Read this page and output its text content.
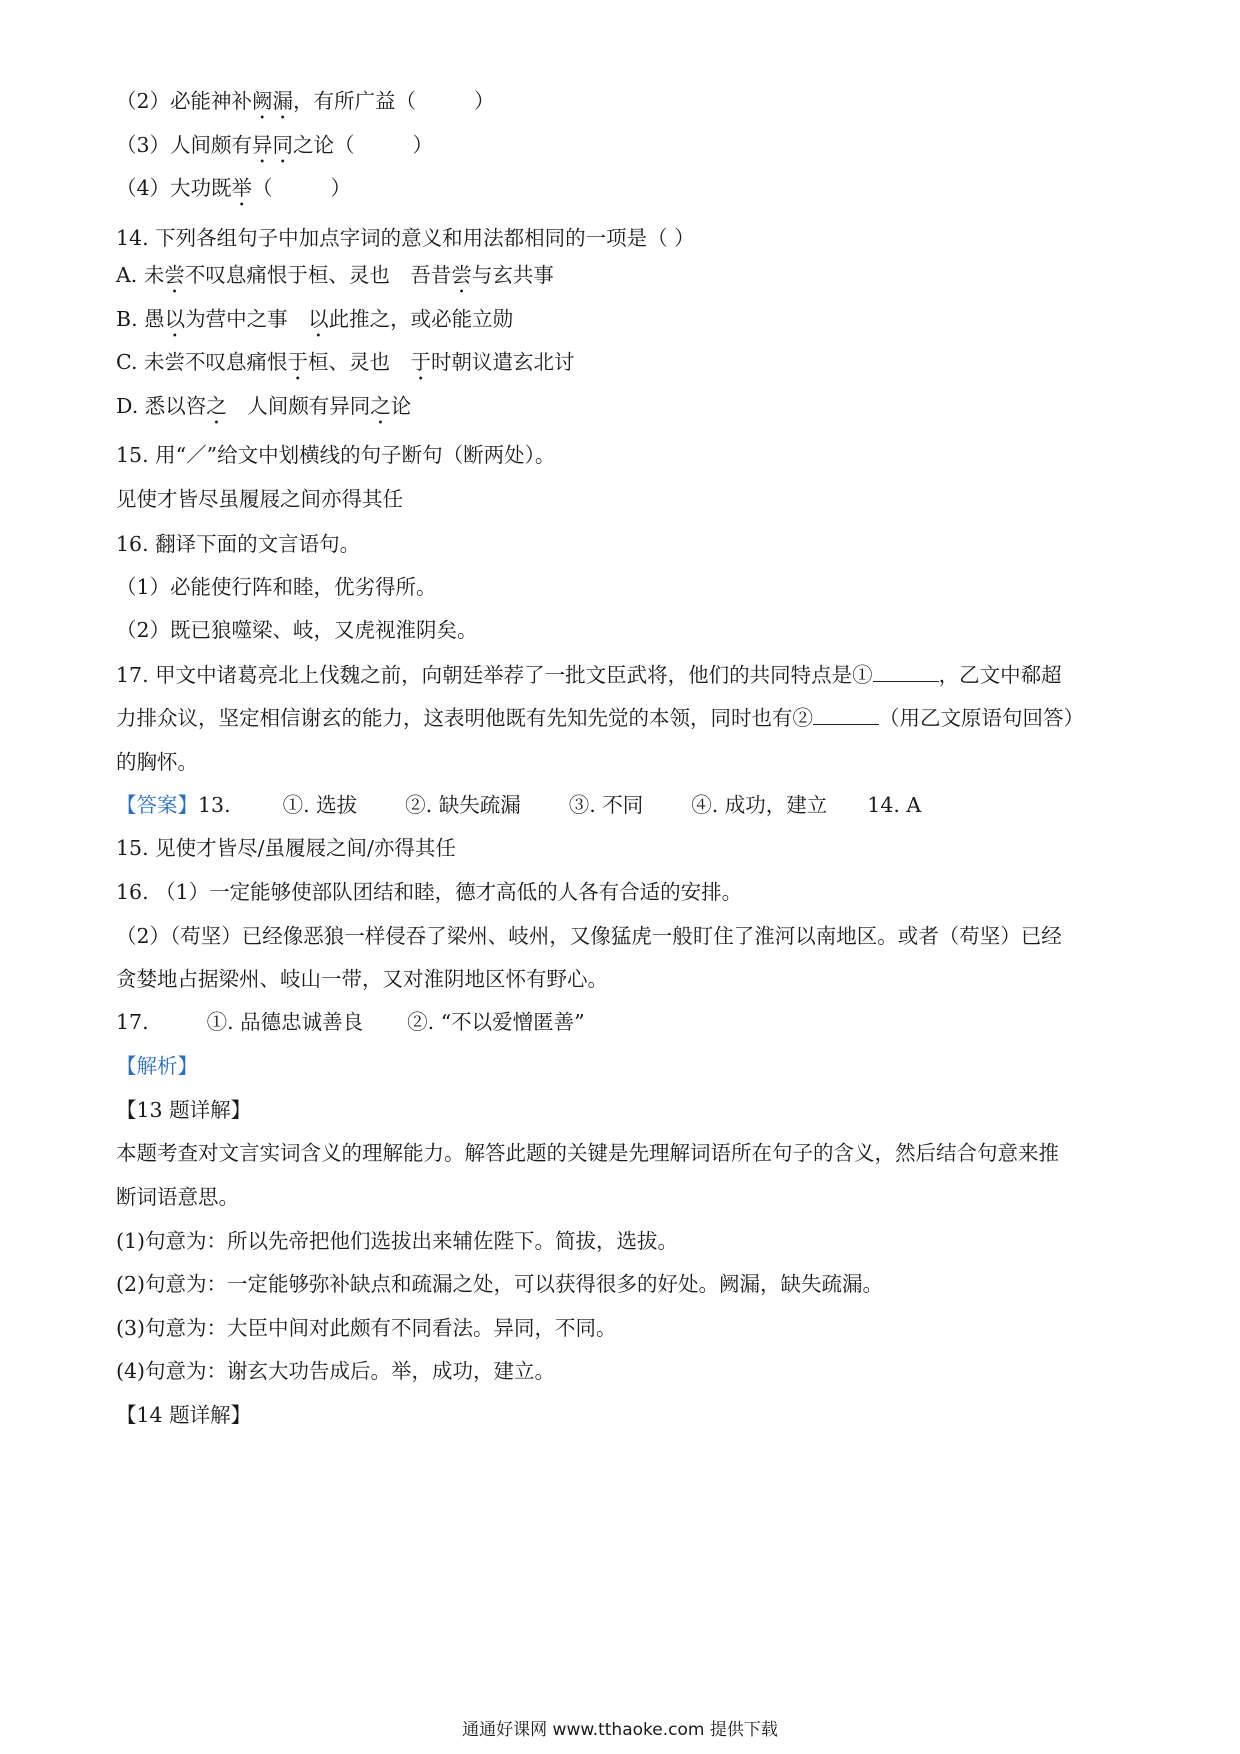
（2）必能神补阙漏，有所广益（	）
（3）人间颇有异同之论（	）
（4）大功既举（	）
14. 下列各组句子中加点字词的意义和用法都相同的一项是（ ）
A. 未尝不叹息痛恨于桓、灵也　吾昔尝与玄共事
B. 愚以为营中之事　以此推之，或必能立勋
C. 未尝不叹息痛恨于桓、灵也　于时朝议遣玄北讨
D. 悉以咨之　人间颇有异同之论
15. 用“／”给文中划横线的句子断句（断两处）。
见使才皆尽虽履屐之间亦得其任
16. 翻译下面的文言语句。
（1）必能使行阵和睦，优劣得所。
（2）既已狼噬梁、岐，又虎视淮阴矣。
17. 甲文中诸葛亮北上伐魏之前，向朝廷举荐了一批文臣武将，他们的共同特点是①	，乙文中郗超
力排众议，坚定相信谢玄的能力，这表明他既有先知先觉的本领，同时也有②	（用乙文原语句回答）
的胸怀。
【答案】13.	①. 选拔 ②. 缺失疏漏 ③. 不同 ④. 成功，建立 14. A
15. 见使才皆尽/虽履屐之间/亦得其任
16. （1）一定能够使部队团结和睦，德才高低的人各有合适的安排。
（2）（苟坚）已经像恶狼一样侵吞了梁州、岐州，又像猛虎一般盯住了淮河以南地区。或者（苟坚）已经
贪婪地占据梁州、岐山一带，又对淮阴地区怀有野心。
17.	①. 品德忠诚善良 ②. “不以爱憎匿善”
【解析】
【13 题详解】
本题考查对文言实词含义的理解能力。解答此题的关键是先理解词语所在句子的含义，然后结合句意来推
断词语意思。
(1)句意为：所以先帝把他们选拔出来辅佐陛下。简拔，选拔。
(2)句意为：一定能够弥补缺点和疏漏之处，可以获得很多的好处。阙漏，缺失疏漏。
(3)句意为：大臣中间对此颇有不同看法。异同，不同。
(4)句意为：谢玄大功告成后。举，成功，建立。
【14 题详解】
通通好课网 www.tthaoke.com 提供下载
